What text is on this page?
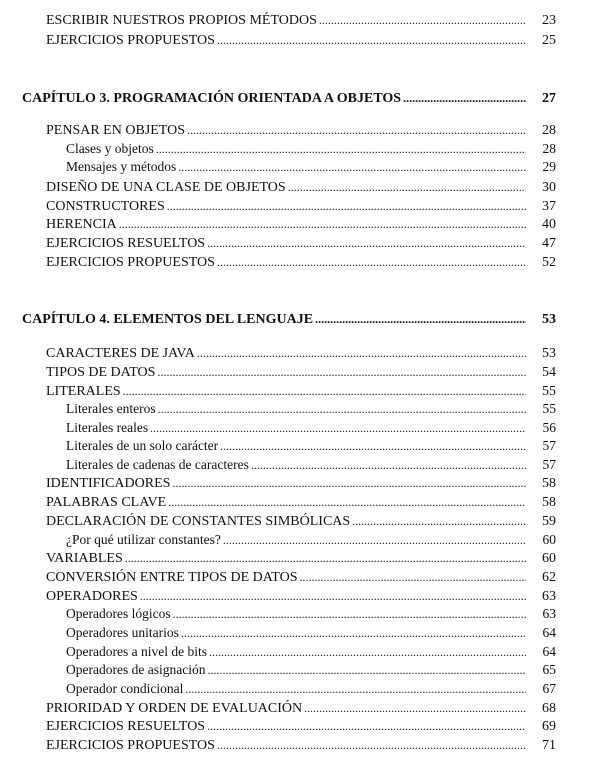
ESCRIBIR NUESTROS PROPIOS MÉTODOS .....	23
EJERCICIOS PROPUESTOS .....	25
CAPÍTULO 3. PROGRAMACIÓN ORIENTADA A OBJETOS .....	27
PENSAR EN OBJETOS .....	28
Clases y objetos .....	28
Mensajes y métodos .....	29
DISEÑO DE UNA CLASE DE OBJETOS .....	30
CONSTRUCTORES .....	37
HERENCIA .....	40
EJERCICIOS RESUELTOS .....	47
EJERCICIOS PROPUESTOS .....	52
CAPÍTULO 4. ELEMENTOS DEL LENGUAJE .....	53
CARACTERES DE JAVA .....	53
TIPOS DE DATOS .....	54
LITERALES .....	55
Literales enteros .....	55
Literales reales .....	56
Literales de un solo carácter .....	57
Literales de cadenas de caracteres .....	57
IDENTIFICADORES .....	58
PALABRAS CLAVE .....	58
DECLARACIÓN DE CONSTANTES SIMBÓLICAS .....	59
¿Por qué utilizar constantes? .....	60
VARIABLES .....	60
CONVERSIÓN ENTRE TIPOS DE DATOS .....	62
OPERADORES .....	63
Operadores lógicos .....	63
Operadores unitarios .....	64
Operadores a nivel de bits .....	64
Operadores de asignación .....	65
Operador condicional .....	67
PRIORIDAD Y ORDEN DE EVALUACIÓN .....	68
EJERCICIOS RESUELTOS .....	69
EJERCICIOS PROPUESTOS .....	71
